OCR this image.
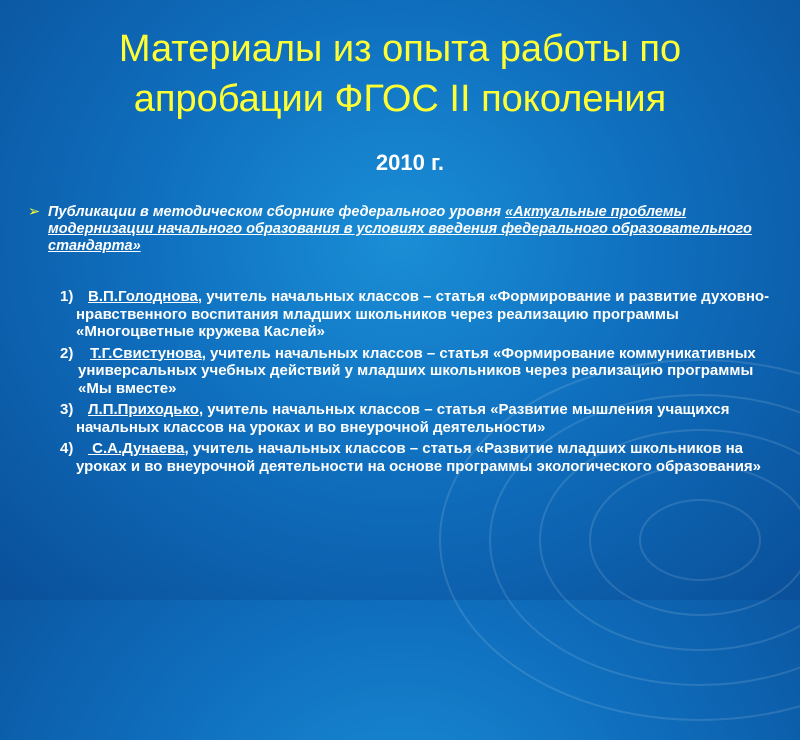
Материалы из опыта работы по
апробации ФГОС II поколения
2010 г.
➢ Публикации в методическом сборнике федерального уровня «Актуальные проблемы модернизации начального образования в условиях введения федерального образовательного стандарта»
1) В.П.Голоднова, учитель начальных классов – статья «Формирование и развитие духовно-нравственного воспитания младших школьников через реализацию программы «Многоцветные кружева Каслей»
2) Т.Г.Свистунова, учитель начальных классов – статья «Формирование коммуникативных универсальных учебных действий у младших школьников через реализацию программы «Мы вместе»
3) Л.П.Приходько, учитель начальных классов – статья «Развитие мышления учащихся начальных классов на уроках и во внеурочной деятельности»
4) С.А.Дунаева, учитель начальных классов – статья «Развитие младших школьников на уроках и во внеурочной деятельности на основе программы экологического образования»
